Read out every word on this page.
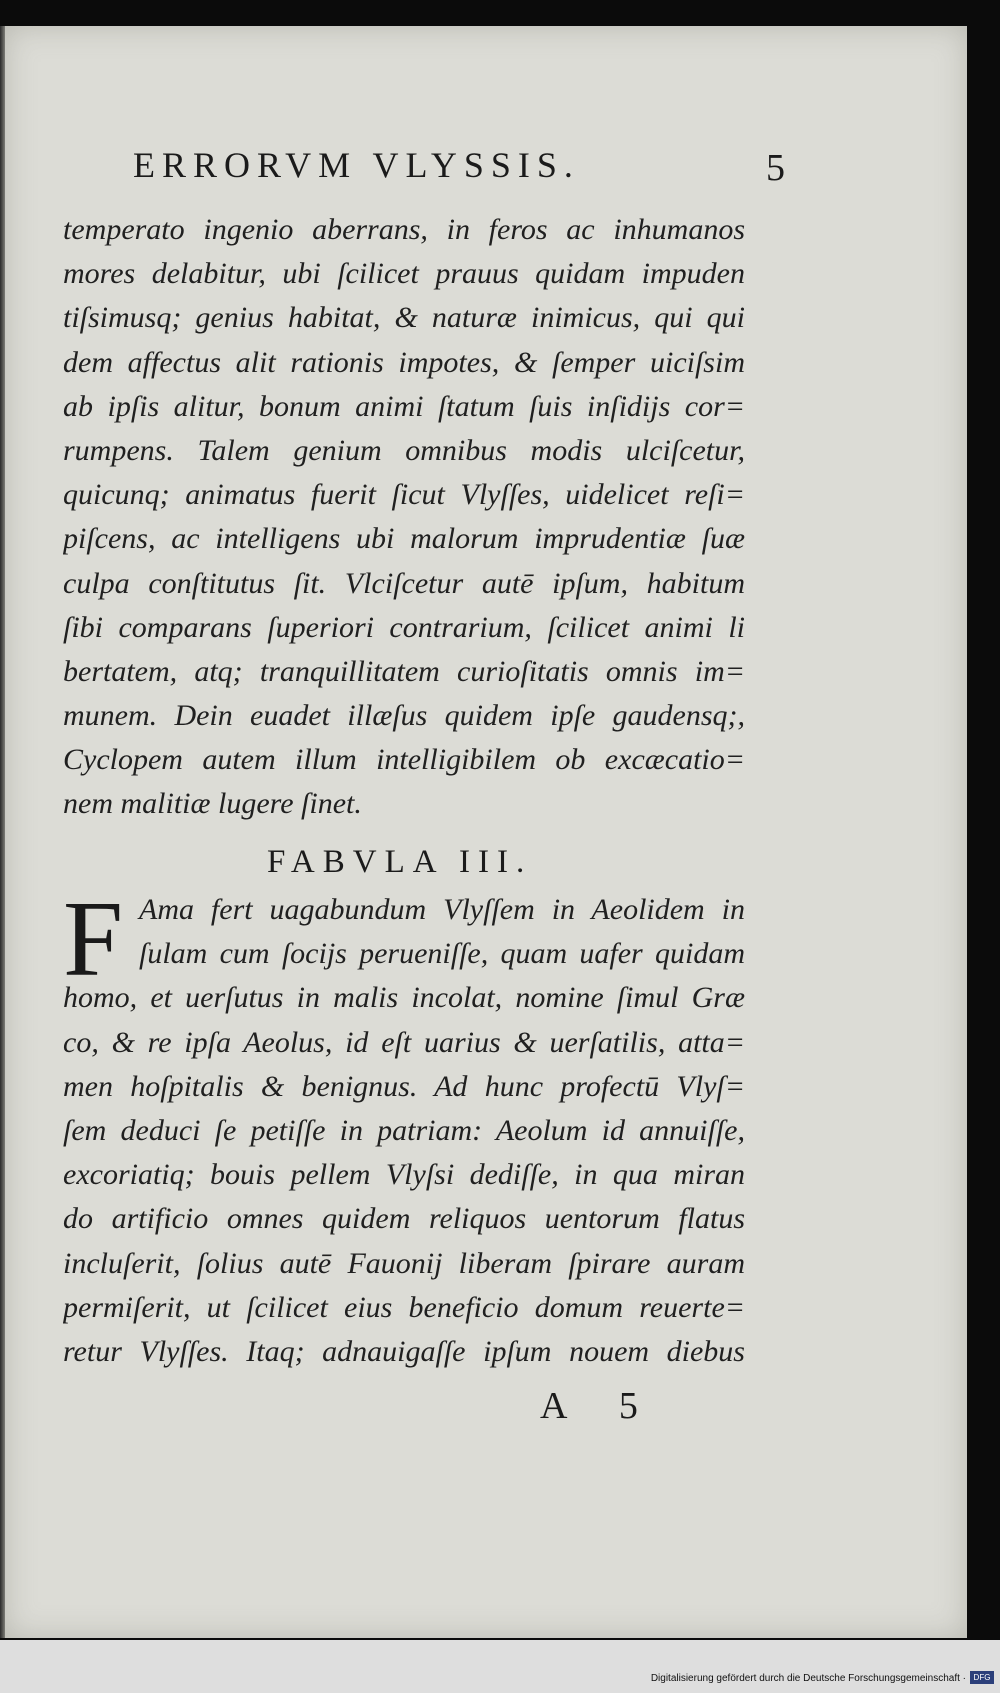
ERRORVM VLYSSIS.	5
temperato ingenio aberrans, in feros ac inhumanos
mores delabitur, ubi ſcilicet prauus quidam impuden
tiſsimusq; genius habitat, & naturæ inimicus, qui qui
dem affectus alit rationis impotes, & ſemper uiciſsim
ab ipſis alitur, bonum animi ſtatum ſuis inſidijs cor=
rumpens. Talem genium omnibus modis ulciſcetur,
quicunq; animatus fuerit ſicut Vlyſſes, uidelicet reſi=
piſcens, ac intelligens ubi malorum imprudentiæ ſuæ
culpa conſtitutus ſit. Vlciſcetur autē ipſum, habitum
ſibi comparans ſuperiori contrarium, ſcilicet animi li
bertatem, atq; tranquillitatem curioſitatis omnis im=
munem. Dein euadet illæſus quidem ipſe gaudensq;,
Cyclopem autem illum intelligibilem ob excæcatio=
nem malitiæ lugere ſinet.
FABVLA III.
F Ama fert uagabundum Vlyſſem in Aeolidem in
ſulam cum ſocijs perueniſſe, quam uafer quidam
homo, et uerſutus in malis incolat, nomine ſimul Græ
co, & re ipſa Aeolus, id eſt uarius & uerſatilis, atta=
men hoſpitalis & benignus. Ad hunc profectū Vlyſ=
ſem deduci ſe petiſſe in patriam: Aeolum id annuiſſe,
excoriatiq; bouis pellem Vlyſsi dediſſe, in qua miran
do artificio omnes quidem reliquos uentorum flatus
incluſerit, ſolius autē Fauonij liberam ſpirare auram
permiſerit, ut ſcilicet eius beneficio domum reuerte=
retur Vlyſſes. Itaq; adnauigaſſe ipſum nouem diebus
A 5
Digitalisierung gefördert durch die Deutsche Forschungsgemeinschaft · DFG
